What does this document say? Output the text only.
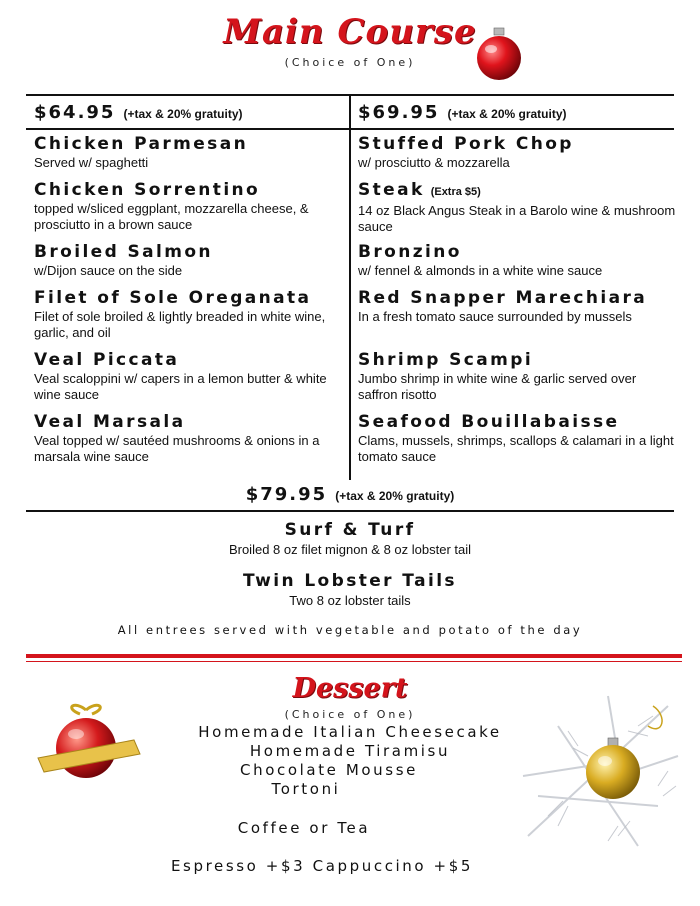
Main Course
(Choice of One)
$64.95 (+tax & 20% gratuity)	$69.95 (+tax & 20% gratuity)
Chicken Parmesan
Served w/ spaghetti
Chicken Sorrentino
topped w/sliced eggplant, mozzarella cheese, & prosciutto in a brown sauce
Broiled Salmon
w/Dijon sauce on the side
Filet of Sole Oreganata
Filet of sole broiled & lightly breaded in white wine, garlic, and oil
Veal Piccata
Veal scaloppini w/ capers in a lemon butter & white wine sauce
Veal Marsala
Veal topped w/ sautéed mushrooms & onions in a marsala wine sauce
Stuffed Pork Chop
w/ prosciutto & mozzarella
Steak (Extra $5)
14 oz Black Angus Steak in a Barolo wine & mushroom sauce
Bronzino
w/ fennel & almonds in a white wine sauce
Red Snapper Marechiara
In a fresh tomato sauce surrounded by mussels
Shrimp Scampi
Jumbo shrimp in white wine & garlic served over saffron risotto
Seafood Bouillabaisse
Clams, mussels, shrimps, scallops & calamari in a light tomato sauce
$79.95 (+tax & 20% gratuity)
Surf & Turf
Broiled 8 oz filet mignon & 8 oz lobster tail
Twin Lobster Tails
Two 8 oz lobster tails
All entrees served with vegetable and potato of the day
Dessert
(Choice of One)
Homemade Italian Cheesecake
Homemade Tiramisu
Chocolate Mousse
Tortoni
Coffee or Tea
Espresso +$3 Cappuccino +$5
